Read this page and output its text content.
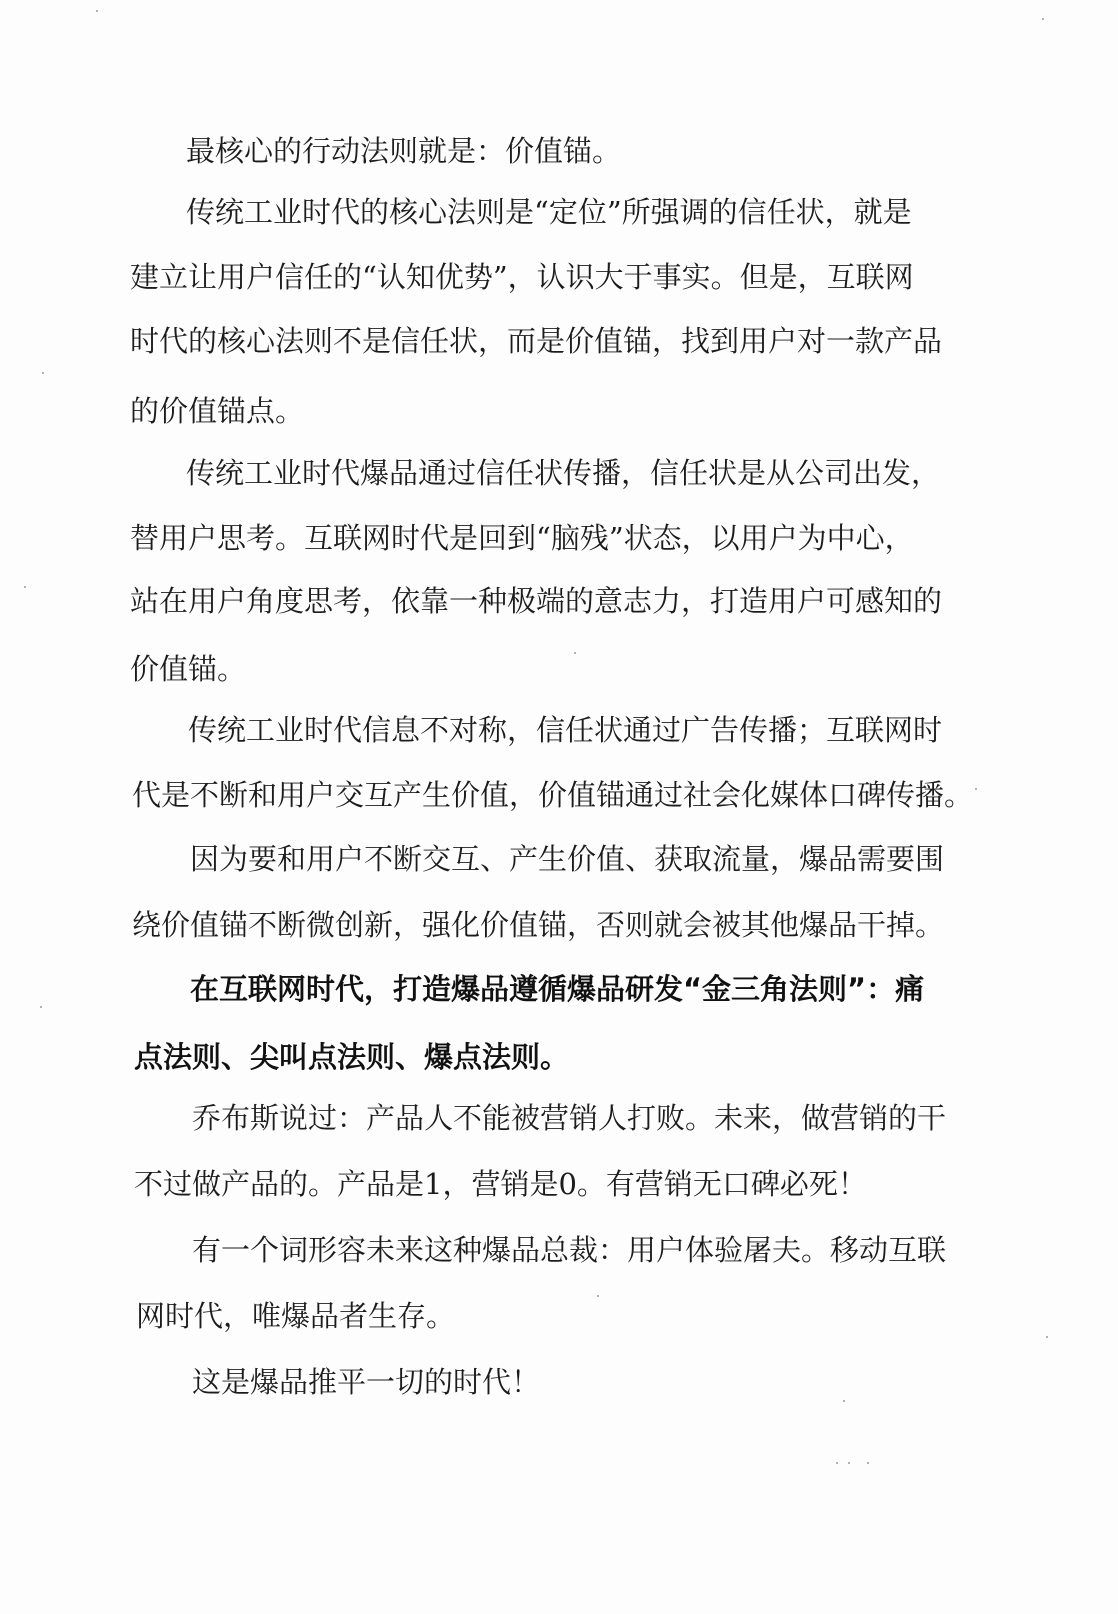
最核心的行动法则就是：价值锚。

传统工业时代的核心法则是“定位”所强调的信任状，就是

建立让用户信任的“认知优势”，认识大于事实。但是，互联网

时代的核心法则不是信任状，而是价值锚，找到用户对一款产品

的价值锚点。

传统工业时代爆品通过信任状传播，信任状是从公司出发，

替用户思考。互联网时代是回到“脑残”状态，以用户为中心，

站在用户角度思考，依靠一种极端的意志力，打造用户可感知的

价值锚。

传统工业时代信息不对称，信任状通过广告传播；互联网时

代是不断和用户交互产生价值，价值锚通过社会化媒体口碑传播。

因为要和用户不断交互、产生价值、获取流量，爆品需要围

绕价值锚不断微创新，强化价值锚，否则就会被其他爆品干掉。

在互联网时代，打造爆品遵循爆品研发“金三角法则”：痛

点法则、尖叫点法则、爆点法则。

乔布斯说过：产品人不能被营销人打败。未来，做营销的干

不过做产品的。产品是1，营销是0。有营销无口碑必死！

有一个词形容未来这种爆品总裁：用户体验屠夫。移动互联

网时代，唯爆品者生存。

这是爆品推平一切的时代！
